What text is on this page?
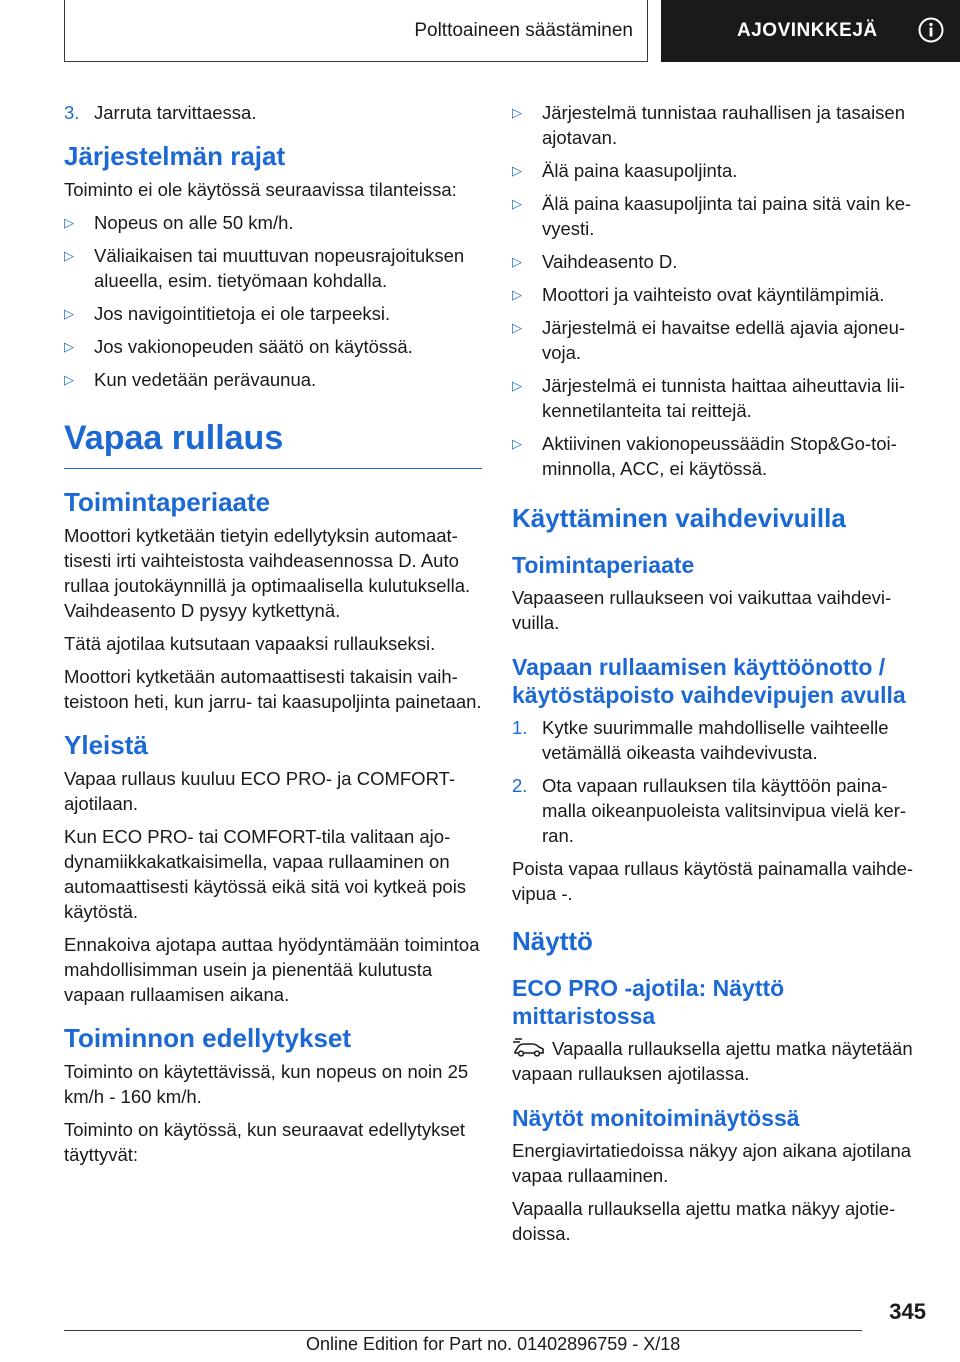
Polttoaineen säästäminen	AJOVINKKEJÄ
3. Jarruta tarvittaessa.
Järjestelmän rajat

Toiminto ei ole käytössä seuraavissa tilanteissa:

▷	Nopeus on alle 50 km/h.
▷	Väliaikaisen tai muuttuvan nopeusrajoituksen alueella, esim. tietyömaan kohdalla.
▷	Jos navigointitietoja ei ole tarpeeksi.
▷	Jos vakionopeuden säätö on käytössä.
▷	Kun vedetään perävaunua.
Vapaa rullaus
Toimintaperiaate

Moottori kytketään tietyin edellytyksin automaattisesti irti vaihteistosta vaihdeasennossa D. Auto rullaa joutokäynnillä ja optimaalisella kulutuksella. Vaihdeasento D pysyy kytkettynä.

Tätä ajotilaa kutsutaan vapaaksi rullaukseksi.

Moottori kytketään automaattisesti takaisin vaihteistoon heti, kun jarru- tai kaasupoljinta painetaan.

Yleistä

Vapaa rullaus kuuluu ECO PRO- ja COMFORT-ajotilaan.

Kun ECO PRO- tai COMFORT-tila valitaan ajodynamiikkakatkaisimella, vapaa rullaaminen on automaattisesti käytössä eikä sitä voi kytkeä pois käytöstä.

Ennakoiva ajotapa auttaa hyödyntämään toimintoa mahdollisimman usein ja pienentää kulutusta vapaan rullaamisen aikana.

Toiminnon edellytykset

Toiminto on käytettävissä, kun nopeus on noin 25 km/h - 160 km/h.

Toiminto on käytössä, kun seuraavat edellytykset täyttyvät:

▷	Järjestelmä tunnistaa rauhallisen ja tasaisen ajotavan.
▷	Älä paina kaasupoljinta.
▷	Älä paina kaasupoljinta tai paina sitä vain kevyesti.
▷	Vaihdeasento D.
▷	Moottori ja vaihteisto ovat käyntilämpimiä.
▷	Järjestelmä ei havaitse edellä ajavia ajoneuvoja.
▷	Järjestelmä ei tunnista haittaa aiheuttavia liikennetilanteita tai reittejä.
▷	Aktiivinen vakionopeussäädin Stop&Go-toiminnolla, ACC, ei käytössä.
Käyttäminen vaihdevivuilla
Toimintaperiaate

Vapaaseen rullaukseen voi vaikuttaa vaihdevivuilla.

Vapaan rullaamisen käyttöönotto / käytöstäpoisto vaihdevipujen avulla
1. Kytke suurimmalle mahdolliselle vaihteelle vetämällä oikeasta vaihdevivusta.
2. Ota vapaan rullauksen tila käyttöön painamalla oikeanpuoleista valitsinvipua vielä kerran.

Poista vapaa rullaus käytöstä painamalla vaihdevipua -.

Näyttö
ECO PRO -ajotila: Näyttö mittaristossa

Vapaalla rullauksella ajettu matka näytetään vapaan rullauksen ajotilassa.

Näytöt monitoiminäytössä

Energiavirtatiedoissa näkyy ajon aikana ajotilana vapaa rullaaminen.

Vapaalla rullauksella ajettu matka näkyy ajotiedoissa.

345
Online Edition for Part no. 01402896759 - X/18
